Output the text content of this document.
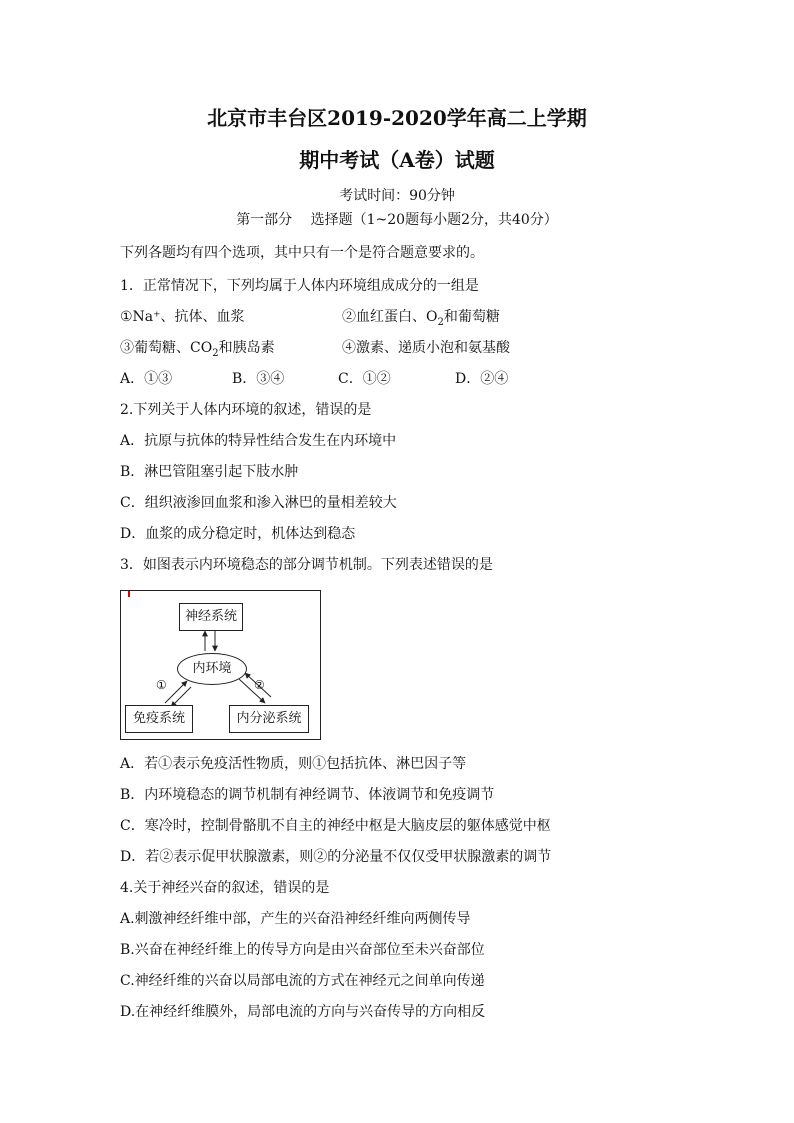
北京市丰台区2019-2020学年高二上学期
期中考试（A卷）试题
考试时间：90分钟
第一部分　 选择题（1~20题每小题2分，共40分）
下列各题均有四个选项，其中只有一个是符合题意要求的。
1．正常情况下，下列均属于人体内环境组成成分的一组是
①Na⁺、抗体、血浆	②血红蛋白、$O_2$和葡萄糖
③葡萄糖、$CO_2$和胰岛素	④激素、递质小泡和氨基酸
A．①③	B．③④	C．①②	D．②④
2.下列关于人体内环境的叙述，错误的是
A．抗原与抗体的特异性结合发生在内环境中
B．淋巴管阻塞引起下肢水肿
C．组织液渗回血浆和渗入淋巴的量相差较大
D．血浆的成分稳定时，机体达到稳态
3．如图表示内环境稳态的部分调节机制。下列表述错误的是
神经系统
内环境
免疫系统	内分泌系统
①	②
A．若①表示免疫活性物质，则①包括抗体、淋巴因子等
B．内环境稳态的调节机制有神经调节、体液调节和免疫调节
C．寒冷时，控制骨骼肌不自主的神经中枢是大脑皮层的躯体感觉中枢
D．若②表示促甲状腺激素，则②的分泌量不仅仅受甲状腺激素的调节
4.关于神经兴奋的叙述，错误的是
A.刺激神经纤维中部，产生的兴奋沿神经纤维向两侧传导
B.兴奋在神经纤维上的传导方向是由兴奋部位至未兴奋部位
C.神经纤维的兴奋以局部电流的方式在神经元之间单向传递
D.在神经纤维膜外，局部电流的方向与兴奋传导的方向相反
